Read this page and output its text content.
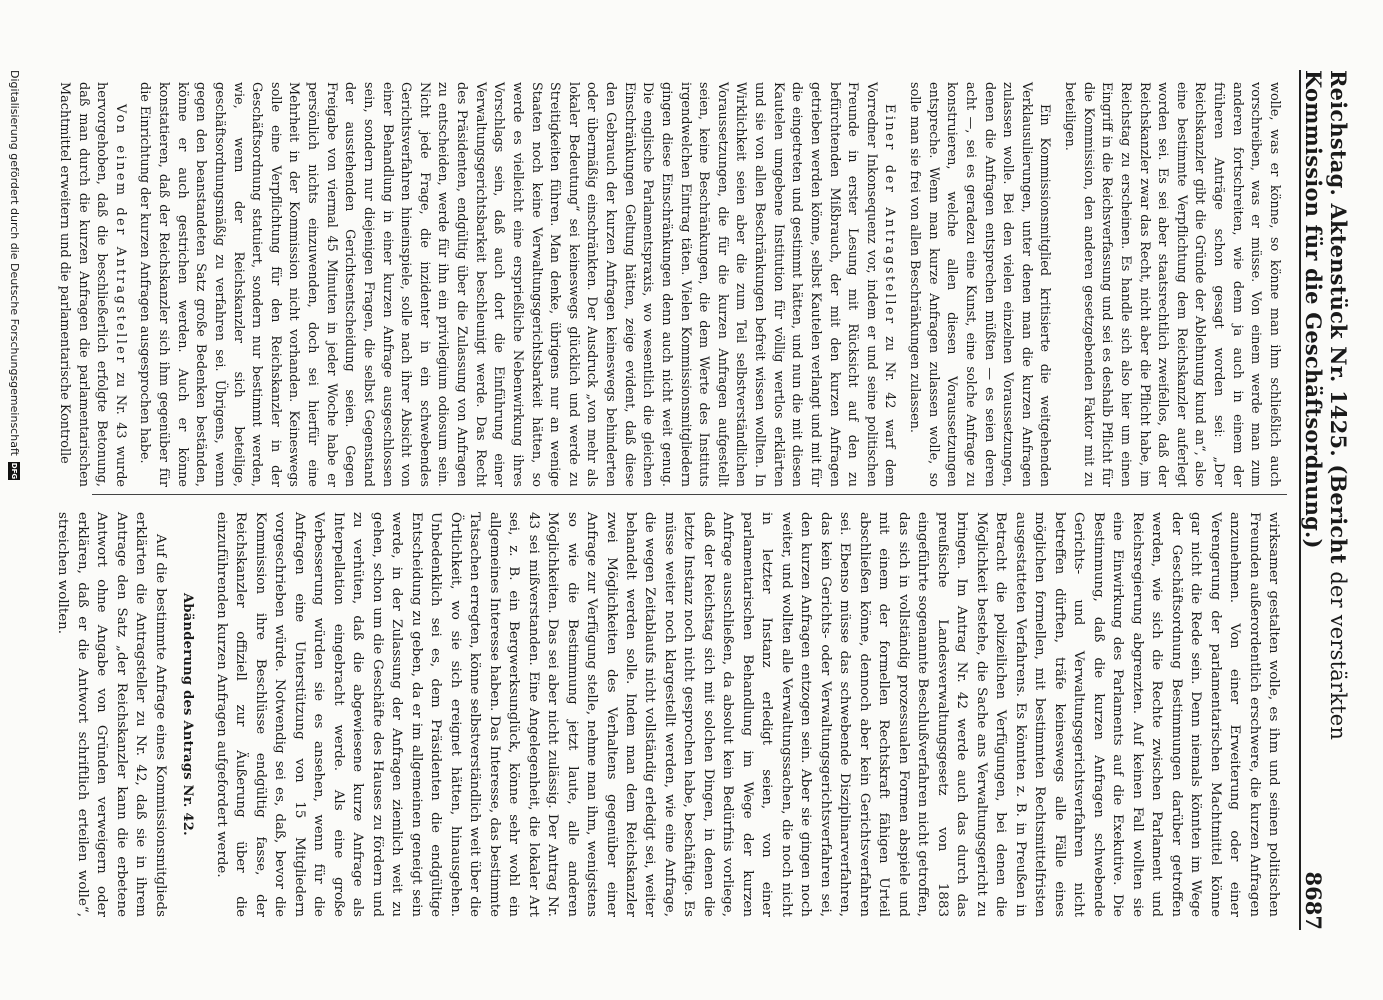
Reichstag. Aktenstück Nr. 1425. (Bericht der verstärkten Kommission für die Geschäftsordnung.)
8687

wolle, was er könne, so könne man ihm schließlich auch vorschreiben, was er müsse. Von einem werde man zum anderen fortschreiten, wie denn ja auch in einem der früheren Anträge schon gesagt worden sei: „Der Reichskanzler gibt die Gründe der Ablehnung kund an“, also eine bestimmte Verpflichtung dem Reichskanzler auferlegt worden sei. Es sei aber staatsrechtlich zweifellos, daß der Reichskanzler zwar das Recht, nicht aber die Pflicht habe, im Reichstag zu erscheinen. Es handle sich also hier um einen Eingriff in die Reichsverfassung und sei es deshalb Pflicht für die Kommission, den anderen gesetzgebenden Faktor mit zu beteiligen.

Ein Kommissionsmitglied kritisierte die weitgehenden Verklausulierungen, unter denen man die kurzen Anfragen zulassen wolle. Bei den vielen einzelnen Voraussetzungen, denen die Anfragen entsprechen müßten — es seien deren acht —, sei es geradezu eine Kunst, eine solche Anfrage zu konstruieren, welche allen diesen Voraussetzungen entspreche. Wenn man kurze Anfragen zulassen wolle, so solle man sie frei von allen Beschränkungen zulassen.

Einer der Antragsteller zu Nr. 42 warf dem Vorredner Inkonsequenz vor, indem er und seine politischen Freunde in erster Lesung mit Rücksicht auf den zu befürchtenden Mißbrauch, der mit den kurzen Anfragen getrieben werden könne, selbst Kautelen verlangt und mit für die eingetreten und gestimmt hätten, und nun die mit diesen Kautelen umgebene Institution für völlig wertlos erklärten und sie von allen Beschränkungen befreit wissen wollten. In Wirklichkeit seien aber die zum Teil selbstverständlichen Voraussetzungen, die für die kurzen Anfragen aufgestellt seien, keine Beschränkungen, die dem Werte des Instituts irgendwelchen Eintrag täten. Vielen Kommissionsmitgliedern gingen diese Einschränkungen denn auch nicht weit genug. Die englische Parlamentspraxis, wo wesentlich die gleichen Einschränkungen Geltung hätten, zeige evident, daß diese den Gebrauch der kurzen Anfragen keineswegs behinderten oder übermäßig einschränkten. Der Ausdruck „von mehr als lokaler Bedeutung“ sei keineswegs glücklich und werde zu Streitigkeiten führen. Man denke, übrigens nur an wenige Staaten noch keine Verwaltungsgerichtsbarkeit hätten, so werde es vielleicht eine ersprießliche Nebenwirkung ihres Vorschlags sein, daß auch dort die Einführung einer Verwaltungsgerichtsbarkeit beschleunigt werde. Das Recht des Präsidenten, endgültig über die Zulassung von Anfragen zu entscheiden, werde für ihn ein privilegium odiosum sein. Nicht jede Frage, die inzidenter in ein schwebendes Gerichtsverfahren hineinspiele, solle nach ihrer Absicht von einer Behandlung in einer kurzen Anfrage ausgeschlossen sein, sondern nur diejenigen Fragen, die selbst Gegenstand der ausstehenden Gerichtsentscheidung seien. Gegen Freigabe von viermal 45 Minuten in jeder Woche habe er persönlich nichts einzuwenden, doch sei hierfür eine Mehrheit in der Kommission nicht vorhanden. Keineswegs solle eine Verpflichtung für den Reichskanzler in der Geschäftsordnung statuiert, sondern nur bestimmt werden, wie, wenn der Reichskanzler sich beteilige, geschäftsordnungsmäßig zu verfahren sei. Übrigens, wenn gegen den beanstandeten Satz große Bedenken beständen, könne er auch gestrichen werden. Auch er könne konstatieren, daß der Reichskanzler sich ihm gegenüber für die Einrichtung der kurzen Anfragen ausgesprochen habe.

Von einem der Antragsteller zu Nr. 43 wurde hervorgehoben, daß die beschließerlich erfolgte Betonung, daß man durch die kurzen Anfragen die parlamentarischen Machtmittel erweitern und die parlamentarische Kontrolle

wirksamer gestalten wolle, es ihm und seinen politischen Freunden außerordentlich erschwere, die kurzen Anfragen anzunehmen. Von einer Erweiterung oder einer Verengerung der parlamentarischen Machtmittel könne gar nicht die Rede sein. Denn niemals könnten im Wege der Geschäftsordnung Bestimmungen darüber getroffen werden, wie sich die Rechte zwischen Parlament und Reichsregierung abgrenzten. Auf keinen Fall wollten sie eine Einwirkung des Parlaments auf die Exekutive. Die Bestimmung, daß die kurzen Anfragen schwebende Gerichts- und Verwaltungsgerichtsverfahren nicht betreffen dürften, träfe keineswegs alle Fälle eines möglichen formellen, mit bestimmten Rechtsmittelfristen ausgestatteten Verfahrens. Es könnten z. B. in Preußen in Betracht die polizeilichen Verfügungen, bei denen die Möglichkeit bestehe, die Sache ans Verwaltungsgericht zu bringen. Im Antrag Nr. 42 werde auch das durch das preußische Landesverwaltungsgesetz von 1883 eingeführte sogenannte Beschlußverfahren nicht getroffen, das sich in vollständig prozessualen Formen abspiele und mit einem der formellen Rechtskraft fähigen Urteil abschließen könne, dennoch aber kein Gerichtsverfahren sei. Ebenso müsse das schwebende Disziplinarverfahren, das kein Gerichts- oder Verwaltungsgerichtsverfahren sei, den kurzen Anfragen entzogen sein. Aber sie gingen noch weiter, und wollten alle Verwaltungssachen, die noch nicht in letzter Instanz erledigt seien, von einer parlamentarischen Behandlung im Wege der kurzen Anfrage ausschließen, da absolut kein Bedürfnis vorliege, daß der Reichstag sich mit solchen Dingen, in denen die letzte Instanz noch nicht gesprochen habe, beschäftige. Es müsse weiter noch klargestellt werden, wie eine Anfrage, die wegen Zeitablaufs nicht vollständig erledigt sei, weiter behandelt werden solle. Indem man dem Reichskanzler zwei Möglichkeiten des Verhaltens gegenüber einer Anfrage zur Verfügung stelle, nehme man ihm, wenigstens so wie die Bestimmung jetzt laute, alle anderen Möglichkeiten. Das sei aber nicht zulässig. Der Antrag Nr. 43 sei mißverstanden. Eine Angelegenheit, die lokaler Art sei, z. B. ein Bergwerksunglück, könne sehr wohl ein allgemeines Interesse haben. Das Interesse, das bestimmte Tatsachen erregten, könne selbstverständlich weit über die Örtlichkeit, wo sie sich ereignet hätten, hinausgehen. Unbedenklich sei es, dem Präsidenten die endgültige Entscheidung zu geben, da er im allgemeinen geneigt sein werde, in der Zulassung der Anfragen ziemlich weit zu gehen, schon um die Geschäfte des Hauses zu fördern und zu verhüten, daß die abgewiesene kurze Anfrage als Interpellation eingebracht werde. Als eine große Verbesserung würden sie es ansehen, wenn für die Anfragen eine Unterstützung von 15 Mitgliedern vorgeschrieben würde. Notwendig sei es, daß, bevor die Kommission ihre Beschlüsse endgültig fasse, der Reichskanzler offiziell zur Äußerung über die einzuführenden kurzen Anfragen aufgefordert werde.

Abänderung des Antrags Nr. 42.

Auf die bestimmte Anfrage eines Kommissionsmitglieds erklärten die Antragsteller zu Nr. 42, daß sie in ihrem Antrage den Satz „der Reichskanzler kann die erbetene Antwort ohne Angabe von Gründen verweigern oder erklären, daß er die Antwort schriftlich erteilen wolle“, streichen wollten.

Digitalisierung gefördert durch die Deutsche Forschungsgemeinschaft
DFG
